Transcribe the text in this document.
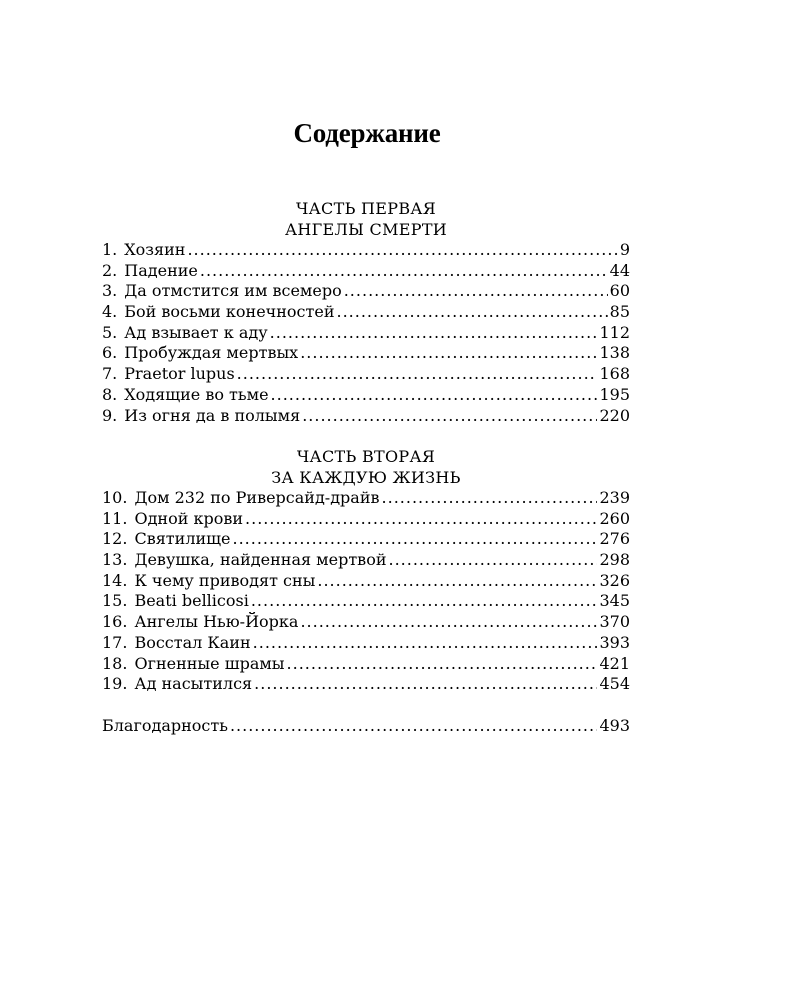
Содержание
ЧАСТЬ ПЕРВАЯ
АНГЕЛЫ СМЕРТИ
1. Хозяин .....	9
2. Падение .....	44
3. Да отмстится им всемеро .....	60
4. Бой восьми конечностей .....	85
5. Ад взывает к аду .....	112
6. Пробуждая мертвых .....	138
7. Praetor lupus .....	168
8. Ходящие во тьме .....	195
9. Из огня да в полымя .....	220
ЧАСТЬ ВТОРАЯ
ЗА КАЖДУЮ ЖИЗНЬ
10. Дом 232 по Риверсайд-драйв .....	239
11. Одной крови .....	260
12. Святилище .....	276
13. Девушка, найденная мертвой .....	298
14. К чему приводят сны .....	326
15. Beati bellicosi .....	345
16. Ангелы Нью-Йорка .....	370
17. Восстал Каин .....	393
18. Огненные шрамы .....	421
19. Ад насытился .....	454
Благодарность .....	493
